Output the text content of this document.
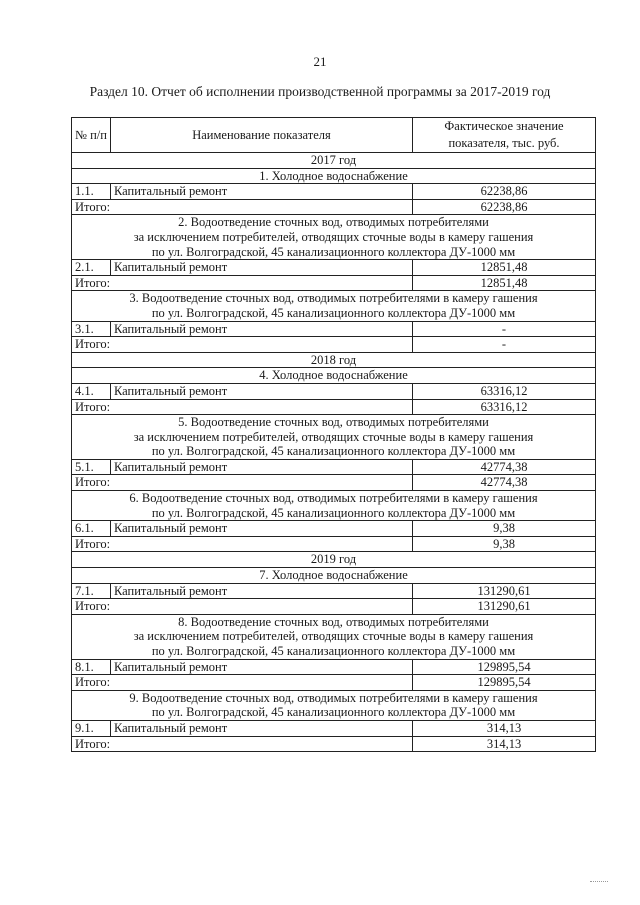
21
Раздел 10. Отчет об исполнении производственной программы за 2017-2019 год
№ п/п	Наименование показателя	Фактическое значение
показателя, тыс. руб.
2017 год		

1. Холодное водоснабжение		

1.1.	Капитальный ремонт	62238,86
Итого:		62238,86

2. Водоотведение сточных вод, отводимых потребителями
за исключением потребителей, отводящих сточные воды в камеру гашения
по ул. Волгоградской, 45 канализационного коллектора ДУ-1000 мм		

2.1.	Капитальный ремонт	12851,48
Итого:		12851,48

3. Водоотведение сточных вод, отводимых потребителями в камеру гашения
по ул. Волгоградской, 45 канализационного коллектора ДУ-1000 мм		

3.1.	Капитальный ремонт	-
Итого:		-
2018 год		

4. Холодное водоснабжение		

4.1.	Капитальный ремонт	63316,12
Итого:		63316,12

5. Водоотведение сточных вод, отводимых потребителями
за исключением потребителей, отводящих сточные воды в камеру гашения
по ул. Волгоградской, 45 канализационного коллектора ДУ-1000 мм		

5.1.	Капитальный ремонт	42774,38
Итого:		42774,38

6. Водоотведение сточных вод, отводимых потребителями в камеру гашения
по ул. Волгоградской, 45 канализационного коллектора ДУ-1000 мм		

6.1.	Капитальный ремонт	9,38
Итого:		9,38
2019 год		

7. Холодное водоснабжение		

7.1.	Капитальный ремонт	131290,61
Итого:		131290,61

8. Водоотведение сточных вод, отводимых потребителями
за исключением потребителей, отводящих сточные воды в камеру гашения
по ул. Волгоградской, 45 канализационного коллектора ДУ-1000 мм		

8.1.	Капитальный ремонт	129895,54
Итого:		129895,54

9. Водоотведение сточных вод, отводимых потребителями в камеру гашения
по ул. Волгоградской, 45 канализационного коллектора ДУ-1000 мм		

9.1.	Капитальный ремонт	314,13
Итого:		314,13
